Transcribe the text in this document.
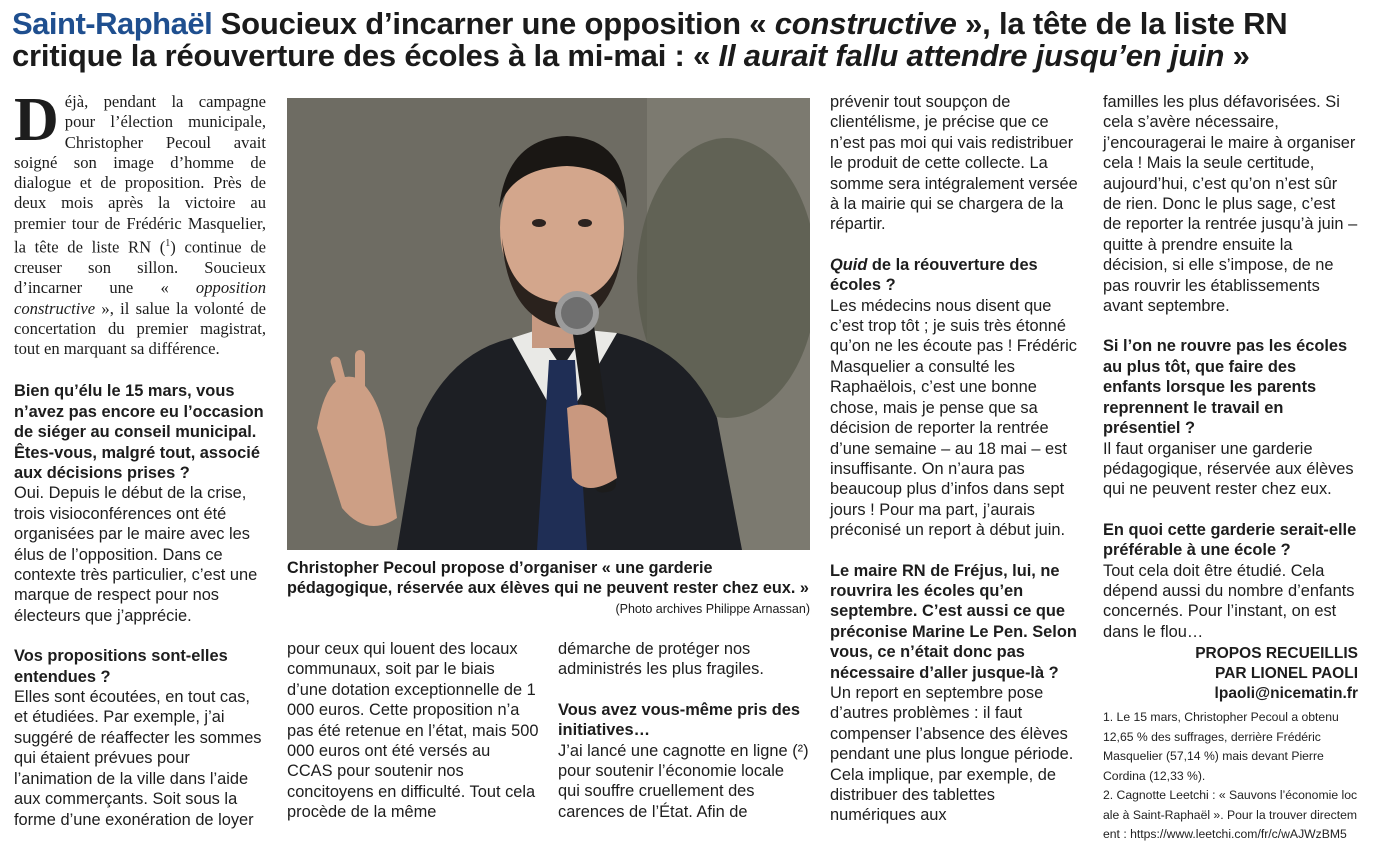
Saint-Raphaël Soucieux d’incarner une opposition « constructive », la tête de la liste RN critique la réouverture des écoles à la mi-mai : « Il aurait fallu attendre jusqu’en juin »

Déjà, pendant la campagne pour l’élection municipale, Christopher Pecoul avait soigné son image d’homme de dialogue et de proposition. Près de deux mois après la victoire au premier tour de Frédéric Masquelier, la tête de liste RN ($^1$) continue de creuser son sillon. Soucieux d’incarner une « opposition constructive », il salue la volonté de concertation du premier magistrat, tout en marquant sa différence.

Bien qu’élu le 15 mars, vous n’avez pas encore eu l’occasion de siéger au conseil municipal. Êtes-vous, malgré tout, associé aux décisions prises ?

Oui. Depuis le début de la crise, trois visioconférences ont été organisées par le maire avec les élus de l’opposition. Dans ce contexte très particulier, c’est une marque de respect pour nos électeurs que j’apprécie.

Vos propositions sont-elles entendues ?

Elles sont écoutées, en tout cas, et étudiées. Par exemple, j’ai suggéré de réaffecter les sommes qui étaient prévues pour l’animation de la ville dans l’aide aux commerçants. Soit sous la forme d’une exonération de loyer

Christopher Pecoul propose d’organiser « une garderie pédagogique, réservée aux élèves qui ne peuvent rester chez eux. »

(Photo archives Philippe Arnassan)

pour ceux qui louent des locaux communaux, soit par le biais d’une dotation exceptionnelle de 1 000 euros. Cette proposition n’a pas été retenue en l’état, mais 500 000 euros ont été versés au CCAS pour soutenir nos concitoyens en difficulté. Tout cela procède de la même

démarche de protéger nos administrés les plus fragiles.

Vous avez vous-même pris des initiatives…

J’ai lancé une cagnotte en ligne (²) pour soutenir l’économie locale qui souffre cruellement des carences de l’État. Afin de

prévenir tout soupçon de clientélisme, je précise que ce n’est pas moi qui vais redistribuer le produit de cette collecte. La somme sera intégralement versée à la mairie qui se chargera de la répartir.

Quid de la réouverture des écoles ?

Les médecins nous disent que c’est trop tôt ; je suis très étonné qu’on ne les écoute pas ! Frédéric Masquelier a consulté les Raphaëlois, c’est une bonne chose, mais je pense que sa décision de reporter la rentrée d’une semaine – au 18 mai – est insuffisante. On n’aura pas beaucoup plus d’infos dans sept jours ! Pour ma part, j’aurais préconisé un report à début juin.

Le maire RN de Fréjus, lui, ne rouvrira les écoles qu’en septembre. C’est aussi ce que préconise Marine Le Pen. Selon vous, ce n’était donc pas nécessaire d’aller jusque-là ?

Un report en septembre pose d’autres problèmes : il faut compenser l’absence des élèves pendant une plus longue période. Cela implique, par exemple, de distribuer des tablettes numériques aux

familles les plus défavorisées. Si cela s’avère nécessaire, j’encouragerai le maire à organiser cela ! Mais la seule certitude, aujourd’hui, c’est qu’on n’est sûr de rien. Donc le plus sage, c’est de reporter la rentrée jusqu’à juin – quitte à prendre ensuite la décision, si elle s’impose, de ne pas rouvrir les établissements avant septembre.

Si l’on ne rouvre pas les écoles au plus tôt, que faire des enfants lorsque les parents reprennent le travail en présentiel ?

Il faut organiser une garderie pédagogique, réservée aux élèves qui ne peuvent rester chez eux.

En quoi cette garderie serait-elle préférable à une école ?

Tout cela doit être étudié. Cela dépend aussi du nombre d’enfants concernés. Pour l’instant, on est dans le flou…

PROPOS RECUEILLIS

PAR LIONEL PAOLI

lpaoli@nicematin.fr

1. Le 15 mars, Christopher Pecoul a obtenu 12,65 % des suffrages, derrière Frédéric Masquelier (57,14 %) mais devant Pierre Cordina (12,33 %).

2. Cagnotte Leetchi : « Sauvons l’économie locale à Saint-Raphaël ». Pour la trouver directement : https://www.leetchi.com/fr/c/wAJWzBM5
